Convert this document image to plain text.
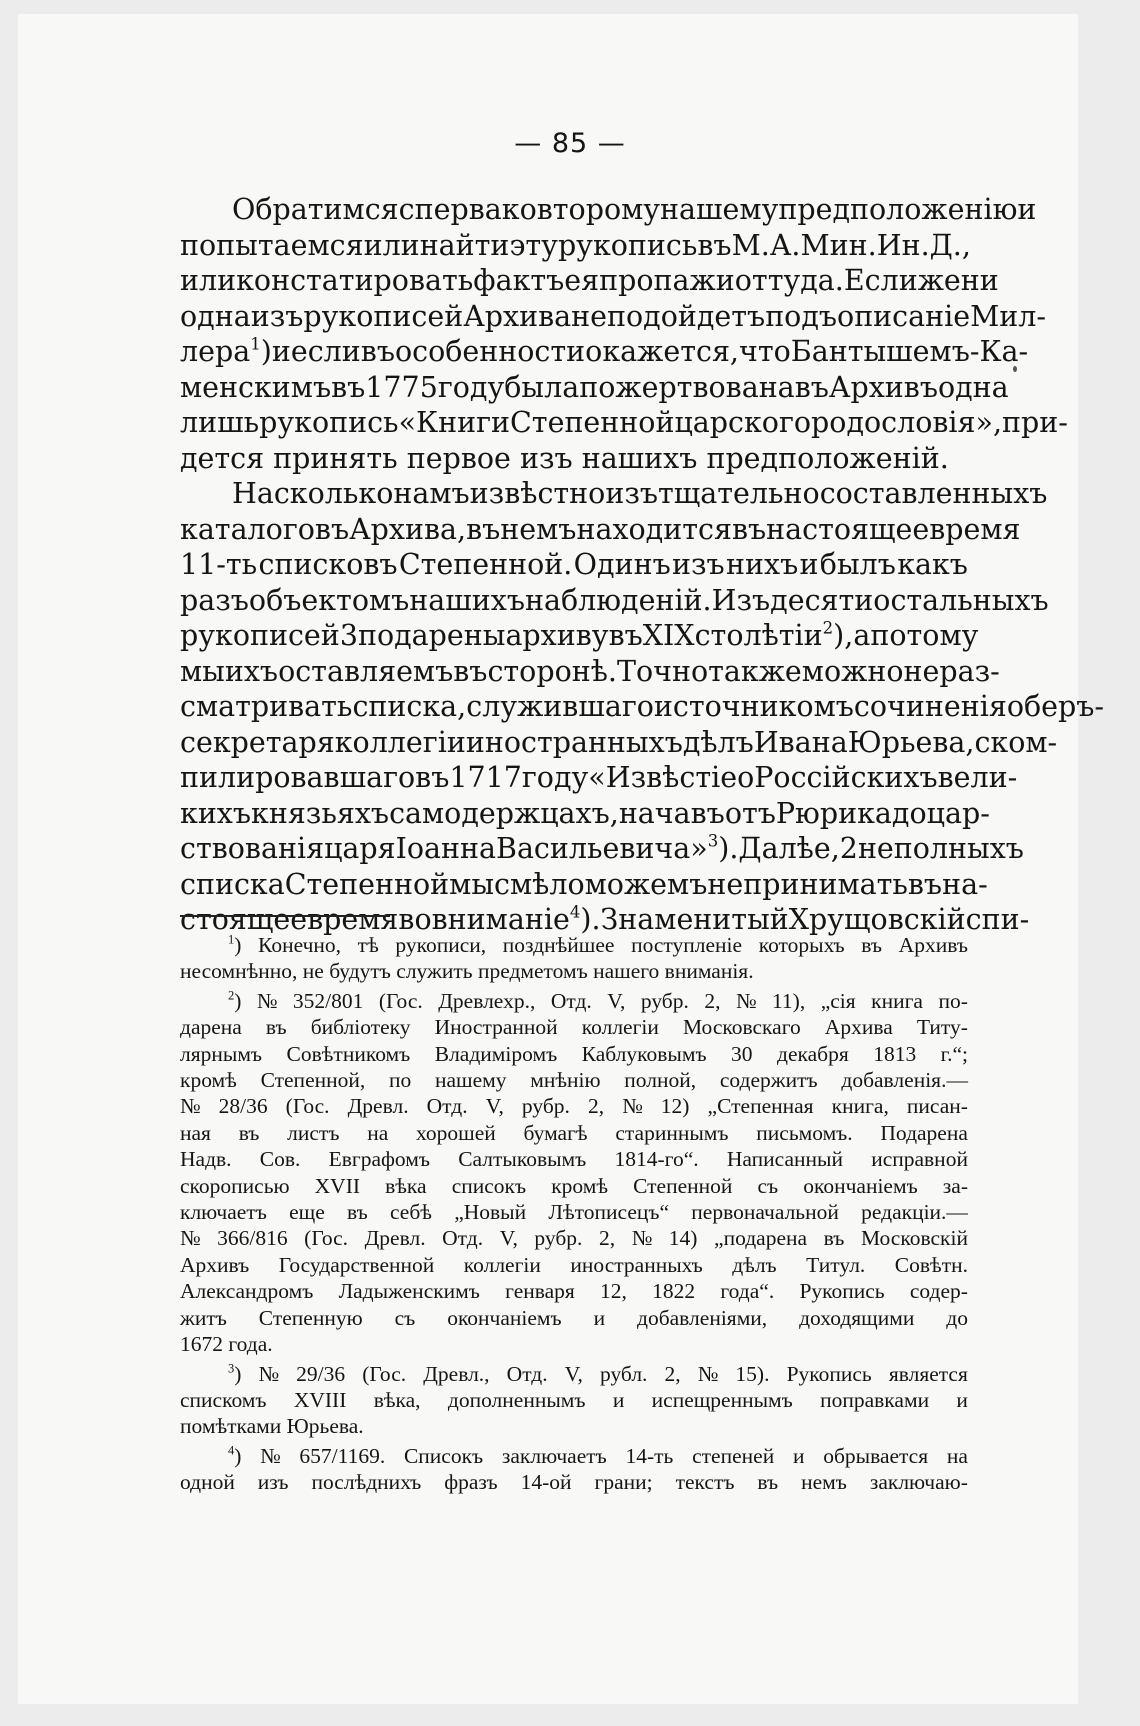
— 85 —
Обратимся сперва ко второму нашему предположенію и
попытаемся или найти эту рукопись въ М. А. Мин. Ин. Д.,
или констатировать фактъ ея пропажи оттуда. Если же ни
одна изъ рукописей Архива не подойдетъ подъ описаніе Мил-
лера$^1$) и если въ особенности окажется, что Бантышемъ-Ка-
менскимъ въ 1775 году была пожертвована въ Архивъ одна
лишь рукопись «Книги Степенной царского родословія», при-
дется принять первое изъ нашихъ предположеній.
Насколько намъ извѣстно изъ тщательно составленныхъ
каталоговъ Архива, въ немъ находится въ настоящее время
11-ть списковъ Степенной. Одинъ изъ нихъ и былъ какъ
разъ объектомъ нашихъ наблюденій. Изъ десяти остальныхъ
рукописей 3 подарены архиву въ XIX столѣтіи$^2$), а потому
мы ихъ оставляемъ въ сторонѣ. Точно также можно не раз-
сматривать списка, служившаго источникомъ сочиненія оберъ-
секретаря коллегіи иностранныхъ дѣлъ Ивана Юрьева, ском-
пилировавшаго въ 1717 году «Извѣстіе о Россійскихъ вели-
кихъ князьяхъ самодержцахъ, начавъ отъ Рюрика до цар-
ствованія царя Іоанна Васильевича»$^3$). Далѣе, 2 неполныхъ
списка Степенной мы смѣло можемъ не принимать въ на-
стоящее время во вниманіе$^4$). Знаменитый Хрущовскій спи-
$^1$) Конечно, тѣ рукописи, позднѣйшее поступленіе которыхъ въ Архивъ
несомнѣнно, не будутъ служить предметомъ нашего вниманія.
$^2$) № 352/801 (Гос. Древлехр., Отд. V, рубр. 2, № 11), „сія книга по-
дарена въ библіотеку Иностранной коллегіи Московскаго Архива Титу-
лярнымъ Совѣтникомъ Владиміромъ Каблуковымъ 30 декабря 1813 г.“;
кромѣ Степенной, по нашему мнѣнію полной, содержитъ добавленія.—
№ 28/36 (Гос. Древл. Отд. V, рубр. 2, № 12) „Степенная книга, писан-
ная въ листъ на хорошей бумагѣ стариннымъ письмомъ. Подарена
Надв. Сов. Евграфомъ Салтыковымъ 1814-го“. Написанный исправной
скорописью XVII вѣка списокъ кромѣ Степенной съ окончаніемъ за-
ключаетъ еще въ себѣ „Новый Лѣтописецъ“ первоначальной редакціи.—
№ 366/816 (Гос. Древл. Отд. V, рубр. 2, № 14) „подарена въ Московскій
Архивъ Государственной коллегіи иностранныхъ дѣлъ Титул. Совѣтн.
Александромъ Ладыженскимъ генваря 12, 1822 года“. Рукопись содер-
житъ Степенную съ окончаніемъ и добавленіями, доходящими до
1672 года.
$^3$) № 29/36 (Гос. Древл., Отд. V, рубл. 2, № 15). Рукопись является
спискомъ XVIII вѣка, дополненнымъ и испещреннымъ поправками и
помѣтками Юрьева.
$^4$) № 657/1169. Списокъ заключаетъ 14-ть степеней и обрывается на
одной изъ послѣднихъ фразъ 14-ой грани; текстъ въ немъ заключаю-
